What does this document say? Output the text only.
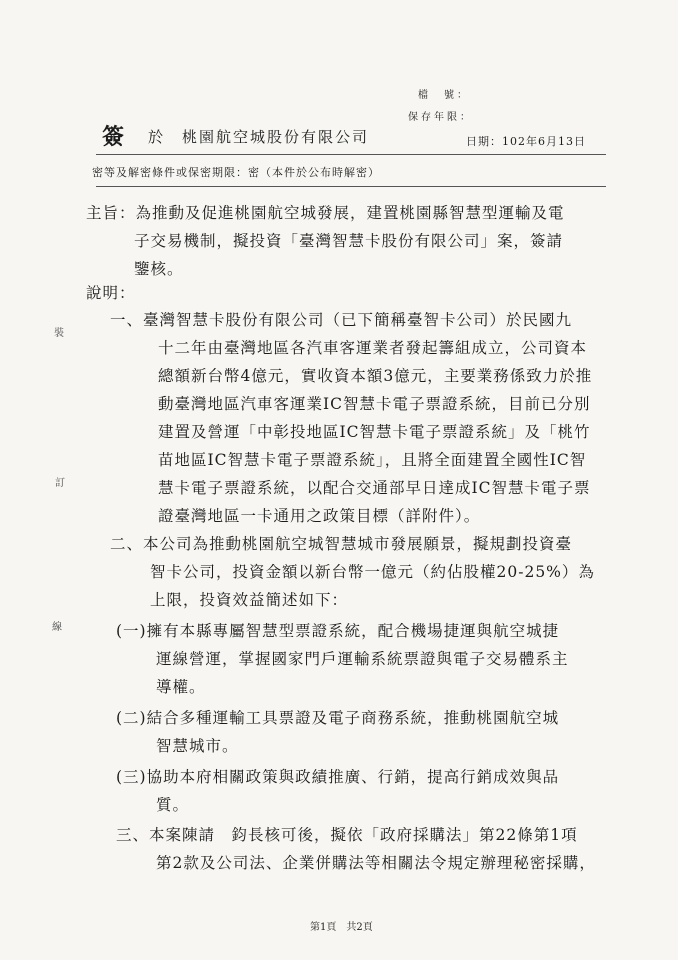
檔　號：
保存年限：
簽 於　桃園航空城股份有限公司	日期：102年6月13日
密等及解密條件或保密期限：密（本件於公布時解密）
裝
訂
線
主旨：為推動及促進桃園航空城發展，建置桃園縣智慧型運輸及電
子交易機制，擬投資「臺灣智慧卡股份有限公司」案，簽請
鑒核。
說明：
一、臺灣智慧卡股份有限公司（已下簡稱臺智卡公司）於民國九
十二年由臺灣地區各汽車客運業者發起籌組成立，公司資本
總額新台幣4億元，實收資本額3億元，主要業務係致力於推
動臺灣地區汽車客運業IC智慧卡電子票證系統，目前已分別
建置及營運「中彰投地區IC智慧卡電子票證系統」及「桃竹
苗地區IC智慧卡電子票證系統」，且將全面建置全國性IC智
慧卡電子票證系統，以配合交通部早日達成IC智慧卡電子票
證臺灣地區一卡通用之政策目標（詳附件）。
二、本公司為推動桃園航空城智慧城市發展願景，擬規劃投資臺
智卡公司，投資金額以新台幣一億元（約佔股權20-25%）為
上限，投資效益簡述如下：
(一)擁有本縣專屬智慧型票證系統，配合機場捷運與航空城捷
運線營運，掌握國家門戶運輸系統票證與電子交易體系主
導權。
(二)結合多種運輸工具票證及電子商務系統，推動桃園航空城
智慧城市。
(三)協助本府相關政策與政績推廣、行銷，提高行銷成效與品
質。
三、本案陳請　鈞長核可後，擬依「政府採購法」第22條第1項
第2款及公司法、企業併購法等相關法令規定辦理秘密採購，
第1頁　共2頁
